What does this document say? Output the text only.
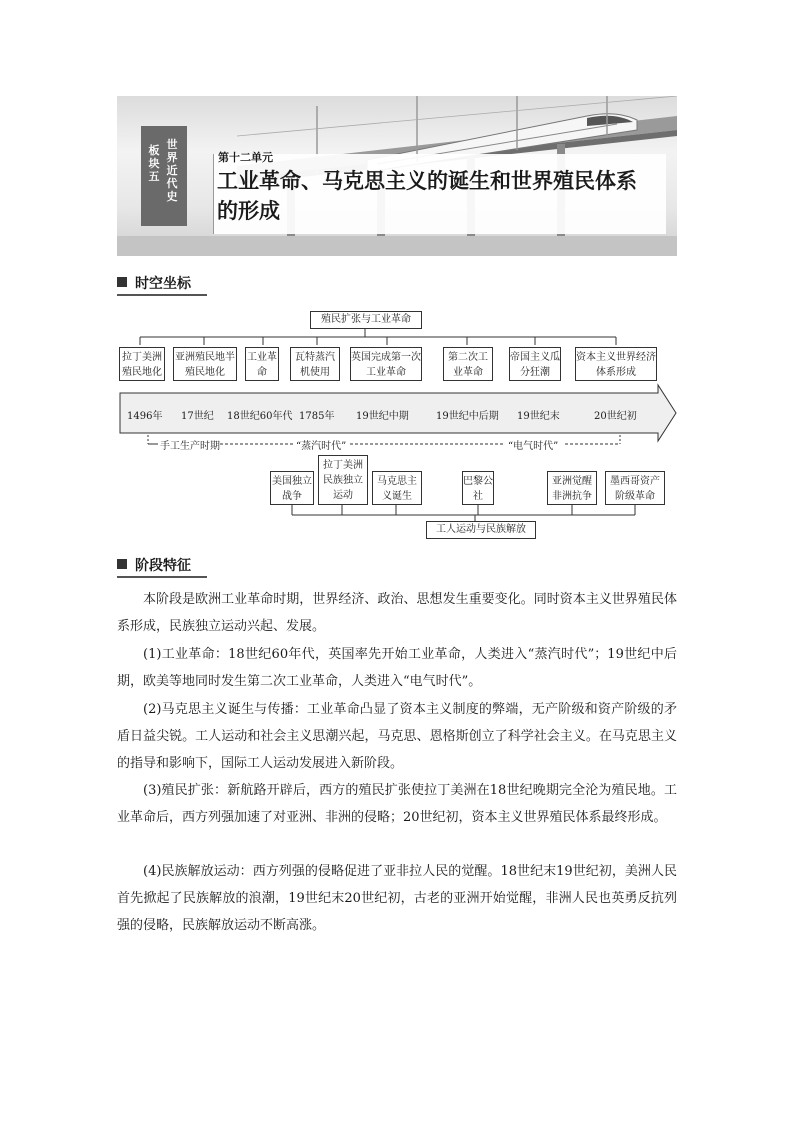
世界近代史
板块五
第十二单元
工业革命、马克思主义的诞生和世界殖民体系的形成
时空坐标
殖民扩张与工业革命
拉丁美洲殖民地化
亚洲殖民地半殖民地化
工业革命
瓦特蒸汽机使用
英国完成第一次工业革命
第二次工业革命
帝国主义瓜分狂潮
资本主义世界经济体系形成
1496年 17世纪 18世纪60年代 1785年 19世纪中期	19世纪中后期 19世纪末	20世纪初
手工生产时期	“蒸汽时代”	“电气时代”
美国独立战争
拉丁美洲民族独立运动
马克思主义诞生
巴黎公社
亚洲觉醒非洲抗争
墨西哥资产阶级革命
工人运动与民族解放
阶段特征

本阶段是欧洲工业革命时期，世界经济、政治、思想发生重要变化。同时资本主义世界殖民体系形成，民族独立运动兴起、发展。

(1)工业革命：18世纪60年代，英国率先开始工业革命，人类进入“蒸汽时代”；19世纪中后期，欧美等地同时发生第二次工业革命，人类进入“电气时代”。

(2)马克思主义诞生与传播：工业革命凸显了资本主义制度的弊端，无产阶级和资产阶级的矛盾日益尖锐。工人运动和社会主义思潮兴起，马克思、恩格斯创立了科学社会主义。在马克思主义的指导和影响下，国际工人运动发展进入新阶段。

(3)殖民扩张：新航路开辟后，西方的殖民扩张使拉丁美洲在18世纪晚期完全沦为殖民地。工业革命后，西方列强加速了对亚洲、非洲的侵略；20世纪初，资本主义世界殖民体系最终形成。

(4)民族解放运动：西方列强的侵略促进了亚非拉人民的觉醒。18世纪末19世纪初，美洲人民首先掀起了民族解放的浪潮，19世纪末20世纪初，古老的亚洲开始觉醒，非洲人民也英勇反抗列强的侵略，民族解放运动不断高涨。
